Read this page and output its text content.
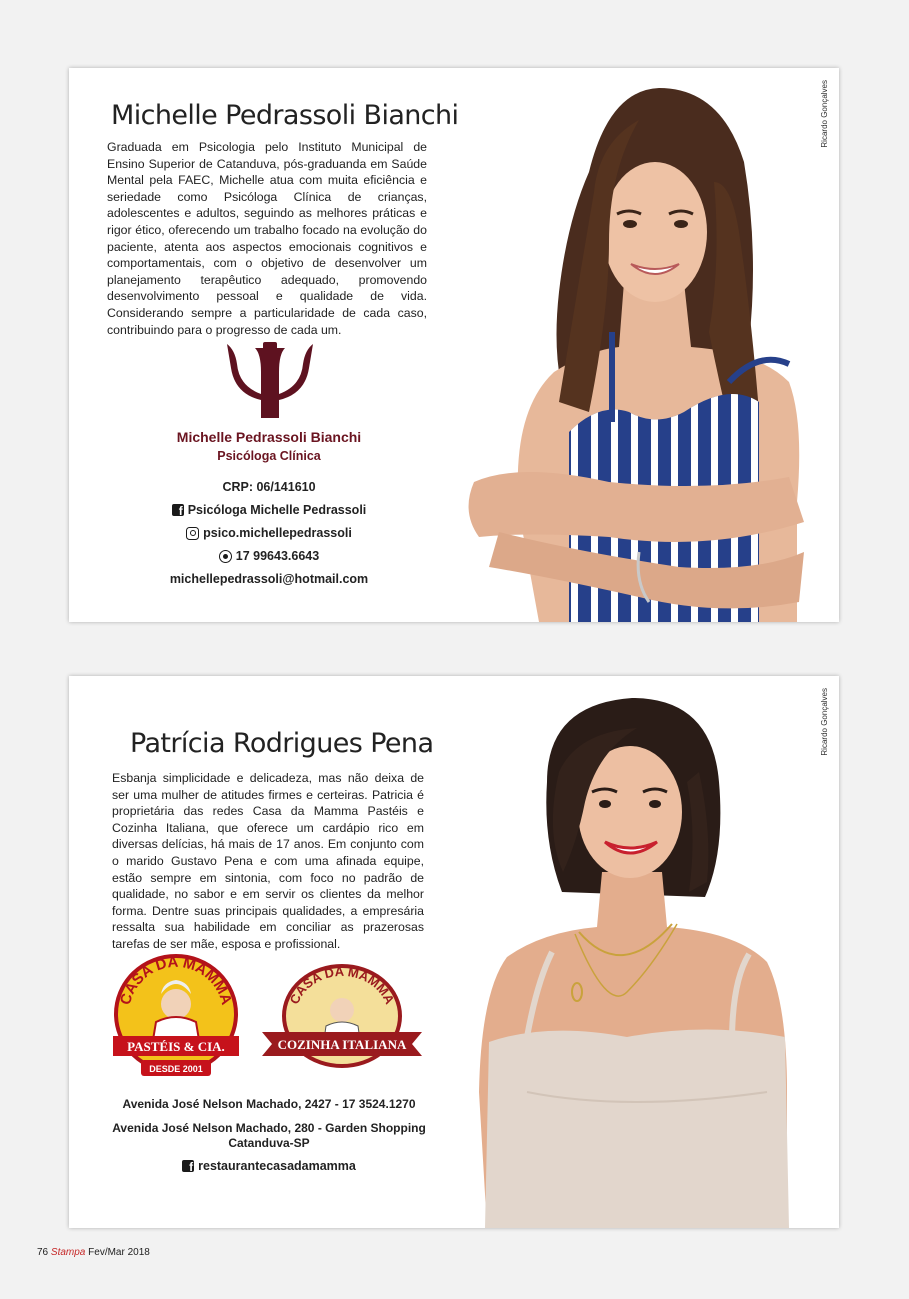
Michelle Pedrassoli Bianchi

Graduada em Psicologia pelo Instituto Municipal de Ensino Superior de Catanduva, pós-graduanda em Saúde Mental pela FAEC, Michelle atua com muita eficiência e seriedade como Psicóloga Clínica de crianças, adolescentes e adultos, seguindo as melhores práticas e rigor ético, oferecendo um trabalho focado na evolução do paciente, atenta aos aspectos emocionais cognitivos e comportamentais, com o objetivo de desenvolver um planejamento terapêutico adequado, promovendo desenvolvimento pessoal e qualidade de vida. Considerando sempre a particularidade de cada caso, contribuindo para o progresso de cada um.

Ricardo Gonçalves
Michelle Pedrassoli Bianchi
Psicóloga Clínica
CRP: 06/141610
f
Psicóloga Michelle Pedrassoli
psico.michellepedrassoli
17 99643.6643
michellepedrassoli@hotmail.com
Patrícia Rodrigues Pena

Esbanja simplicidade e delicadeza, mas não deixa de ser uma mulher de atitudes firmes e certeiras. Patricia é proprietária das redes Casa da Mamma Pastéis e Cozinha Italiana, que oferece um cardápio rico em diversas delícias, há mais de 17 anos. Em conjunto com o marido Gustavo Pena e com uma afinada equipe, estão sempre em sintonia, com foco no padrão de qualidade, no sabor e em servir os clientes da melhor forma. Dentre suas principais qualidades, a empresária ressalta sua habilidade em conciliar as prazerosas tarefas de ser mãe, esposa e profissional.

Ricardo Gonçalves
CASA DA MAMMA
PASTÉIS & CIA.
DESDE 2001
CASA DA MAMMA
COZINHA ITALIANA
Avenida José Nelson Machado, 2427 - 17 3524.1270
Avenida José Nelson Machado, 280 - Garden Shopping
Catanduva-SP
f
restaurantecasadamamma
76 Stampa Fev/Mar 2018
